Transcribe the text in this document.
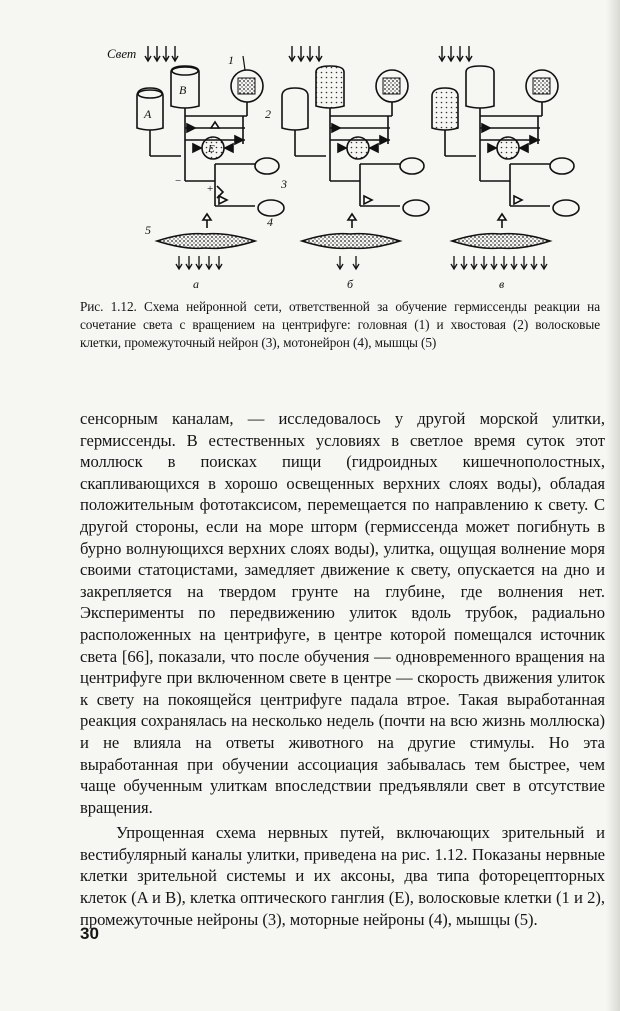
Свет
A
B
E
1
2
3
4
5
а	б	в
−
+

Рис. 1.12. Схема нейронной сети, ответственной за обучение гермиссенды реакции на сочетание света с вращением на центрифуге: головная (1) и хвостовая (2) волосковые клетки, промежуточный нейрон (3), мотонейрон (4), мышцы (5)

сенсорным каналам, — исследовалось у другой морской улитки, гермиссенды. В естественных условиях в светлое время суток этот моллюск в поисках пищи (гидроидных кишечнополостных, скапливающихся в хорошо освещенных верхних слоях воды), обладая положительным фототаксисом, перемещается по направлению к свету. С другой стороны, если на море шторм (гермиссенда может погибнуть в бурно волнующихся верхних слоях воды), улитка, ощущая волнение моря своими статоцистами, замедляет движение к свету, опускается на дно и закрепляется на твердом грунте на глубине, где волнения нет. Эксперименты по передвижению улиток вдоль трубок, радиально расположенных на центрифуге, в центре которой помещался источник света [66], показали, что после обучения — одновременного вращения на центрифуге при включенном свете в центре — скорость движения улиток к свету на покоящейся центрифуге падала втрое. Такая выработанная реакция сохранялась на несколько недель (почти на всю жизнь моллюска) и не влияла на ответы животного на другие стимулы. Но эта выработанная при обучении ассоциация забывалась тем быстрее, чем чаще обученным улиткам впоследствии предъявляли свет в отсутствие вращения.

Упрощенная схема нервных путей, включающих зрительный и вестибулярный каналы улитки, приведена на рис. 1.12. Показаны нервные клетки зрительной системы и их аксоны, два типа фоторецепторных клеток (A и B), клетка оптического ганглия (E), волосковые клетки (1 и 2), промежуточные нейроны (3), моторные нейроны (4), мышцы (5).

30
